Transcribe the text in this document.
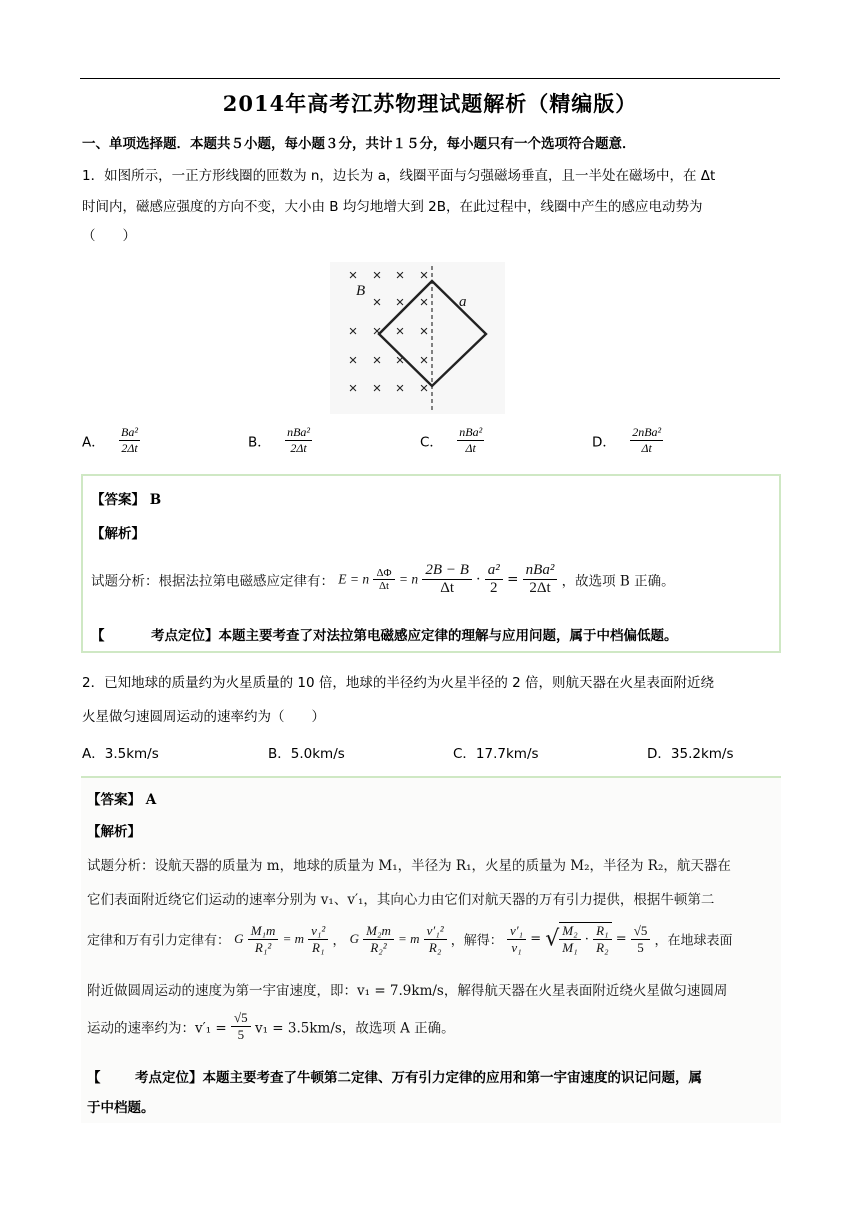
2014年高考江苏物理试题解析（精编版）
一、单项选择题．本题共５小题，每小题３分，共计１５分，每小题只有一个选项符合题意．
1．如图所示，一正方形线圈的匝数为 n，边长为 a，线圈平面与匀强磁场垂直，且一半处在磁场中，在 Δt
时间内，磁感应强度的方向不变，大小由 B 均匀地增大到 2B，在此过程中，线圈中产生的感应电动势为
（　　）
× × × ×
× × ×
× × × ×
× × × ×
× × × ×
B
a
A． $\frac{\text{Ba²}}{2\Delta t}$	B． $\frac{\text{nBa²}}{2\Delta t}$	C． $\frac{\text{nBa²}}{\Delta t}$	D． $\frac{\text{2nBa²}}{\Delta t}$
【答案】 B
【解析】
试题分析：根据法拉第电磁感应定律有： E = n $\frac{\Delta\Phi}{\Delta t} = n \frac{2B - B}{\Delta t} \cdot \frac{\text{a²}}{2} = \frac{\text{nBa²}}{2\Delta t}$ ，故选项 B 正确。
【	考点定位】本题主要考查了对法拉第电磁感应定律的理解与应用问题，属于中档偏低题。
2．已知地球的质量约为火星质量的 10 倍，地球的半径约为火星半径的 2 倍，则航天器在火星表面附近绕
火星做匀速圆周运动的速率约为（　　）
A．3.5km/s	B．5.0km/s	C．17.7km/s	D．35.2km/s
【答案】 A
【解析】
试题分析：设航天器的质量为 m，地球的质量为 M₁，半径为 R₁，火星的质量为 M₂，半径为 R₂，航天器在
它们表面附近绕它们运动的速率分别为 v₁、v′₁，其向心力由它们对航天器的万有引力提供，根据牛顿第二
定律和万有引力定律有： G $\frac{\text{M₁m}}{\text{R₁²}} = m \frac{\text{v₁²}}{\text{R₁}}$ ， G $\frac{\text{M₂m}}{\text{R₂²}} = m \frac{\text{v′₁²}}{\text{R₂}}$ ，解得： $\frac{\text{v′₁}}{\text{v₁}}$ = √ $\frac{\text{M₂}}{\text{M₁}} \cdot \frac{\text{R₁}}{\text{R₂}} = \frac{√5}{5}$ ，在地球表面
附近做圆周运动的速度为第一宇宙速度，即：v₁ = 7.9km/s，解得航天器在火星表面附近绕火星做匀速圆周
运动的速率约为：$v'_1 = \frac{√5}{5} v_1 = 3.5km/s$，故选项 A 正确。
【	考点定位】本题主要考查了牛顿第二定律、万有引力定律的应用和第一宇宙速度的识记问题，属
于中档题。
